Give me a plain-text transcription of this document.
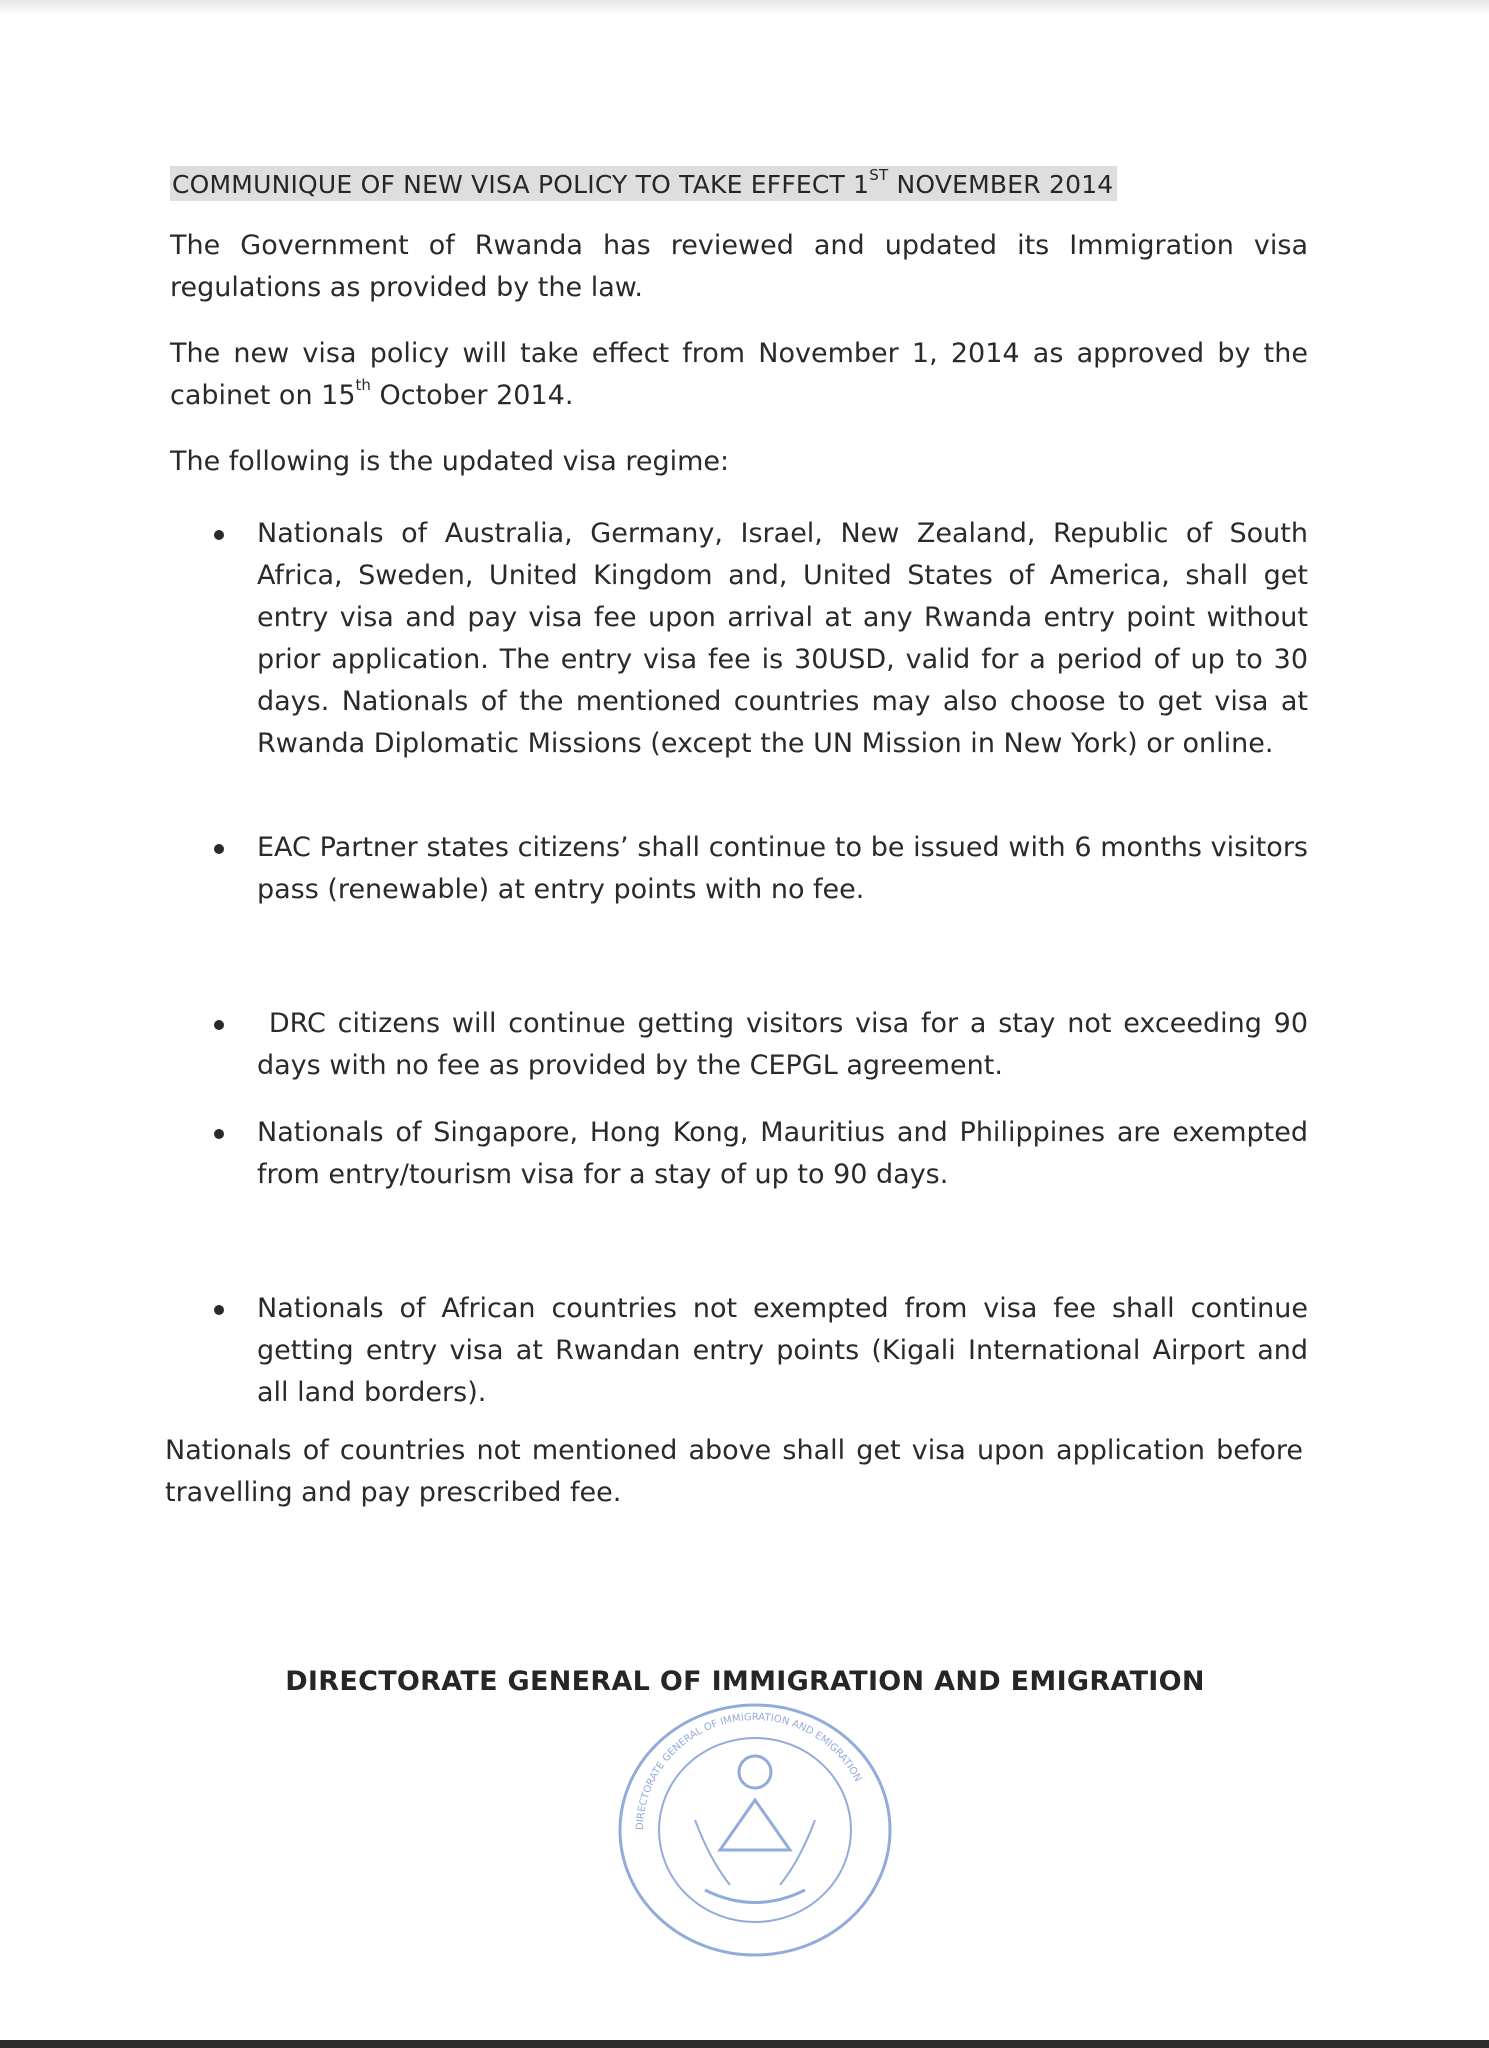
COMMUNIQUE OF NEW VISA POLICY TO TAKE EFFECT 1ST NOVEMBER 2014

The Government of Rwanda has reviewed and updated its Immigration visa regulations as provided by the law.

The new visa policy will take effect from November 1, 2014 as approved by the cabinet on 15th October 2014.

The following is the updated visa regime:

Nationals of Australia, Germany, Israel, New Zealand, Republic of South Africa, Sweden, United Kingdom and, United States of America, shall get entry visa and pay visa fee upon arrival at any Rwanda entry point without prior application. The entry visa fee is 30USD, valid for a period of up to 30 days. Nationals of the mentioned countries may also choose to get visa at Rwanda Diplomatic Missions (except the UN Mission in New York) or online.
EAC Partner states citizens’ shall continue to be issued with 6 months visitors pass (renewable) at entry points with no fee.
DRC citizens will continue getting visitors visa for a stay not exceeding 90 days with no fee as provided by the CEPGL agreement.
Nationals of Singapore, Hong Kong, Mauritius and Philippines are exempted from entry/tourism visa for a stay of up to 90 days.
Nationals of African countries not exempted from visa fee shall continue getting entry visa at Rwandan entry points (Kigali International Airport and all land borders).

Nationals of countries not mentioned above shall get visa upon application before travelling and pay prescribed fee.

DIRECTORATE GENERAL OF IMMIGRATION AND EMIGRATION
DIRECTORATE GENERAL OF IMMIGRATION AND EMIGRATION
